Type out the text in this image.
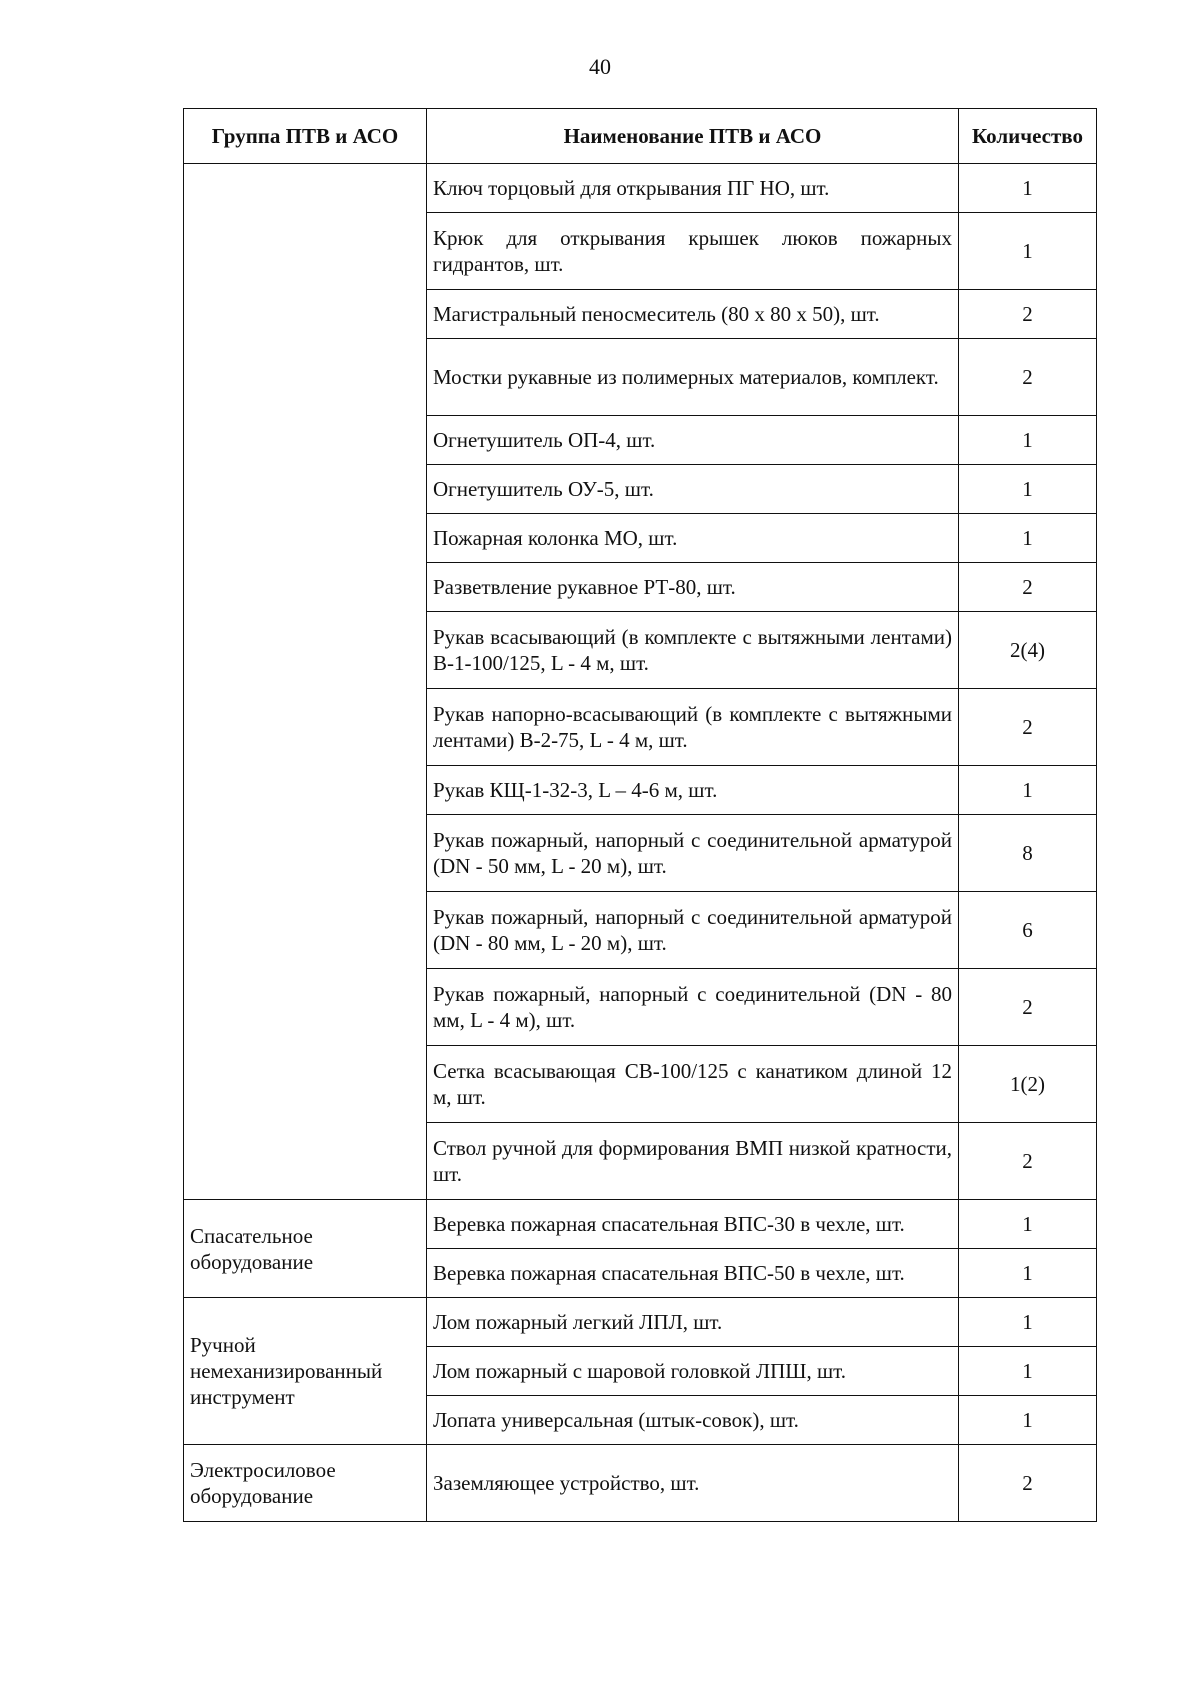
40
Группа ПТВ и АСО	Наименование ПТВ и АСО	Количество
	Ключ торцовый для открывания ПГ НО, шт.	1
	Крюк для открывания крышек люков пожарных гидрантов, шт.	1
	Магистральный пеносмеситель (80 х 80 х 50), шт.	2
	Мостки рукавные из полимерных материалов, комплект.	2
	Огнетушитель ОП-4, шт.	1
	Огнетушитель ОУ-5, шт.	1
	Пожарная колонка МО, шт.	1
	Разветвление рукавное РТ-80, шт.	2
	Рукав всасывающий (в комплекте с вытяжными лентами) В-1-100/125, L - 4 м, шт.	2(4)
	Рукав напорно-всасывающий (в комплекте с вытяжными лентами) В-2-75, L - 4 м, шт.	2
	Рукав КЩ-1-32-3, L – 4-6 м, шт.	1
	Рукав пожарный, напорный с соединительной арматурой (DN - 50 мм, L - 20 м), шт.	8
	Рукав пожарный, напорный с соединительной арматурой (DN - 80 мм, L - 20 м), шт.	6
	Рукав пожарный, напорный с соединительной (DN - 80 мм, L - 4 м), шт.	2
	Сетка всасывающая СВ-100/125 с канатиком длиной 12 м, шт.	1(2)
	Ствол ручной для формирования ВМП низкой кратности, шт.	2
Спасательное оборудование	Веревка пожарная спасательная ВПС-30 в чехле, шт.	1
	Веревка пожарная спасательная ВПС-50 в чехле, шт.	1
Ручной немеханизированный инструмент	Лом пожарный легкий ЛПЛ, шт.	1
	Лом пожарный с шаровой головкой ЛПШ, шт.	1
	Лопата универсальная (штык-совок), шт.	1
Электросиловое оборудование	Заземляющее устройство, шт.	2
